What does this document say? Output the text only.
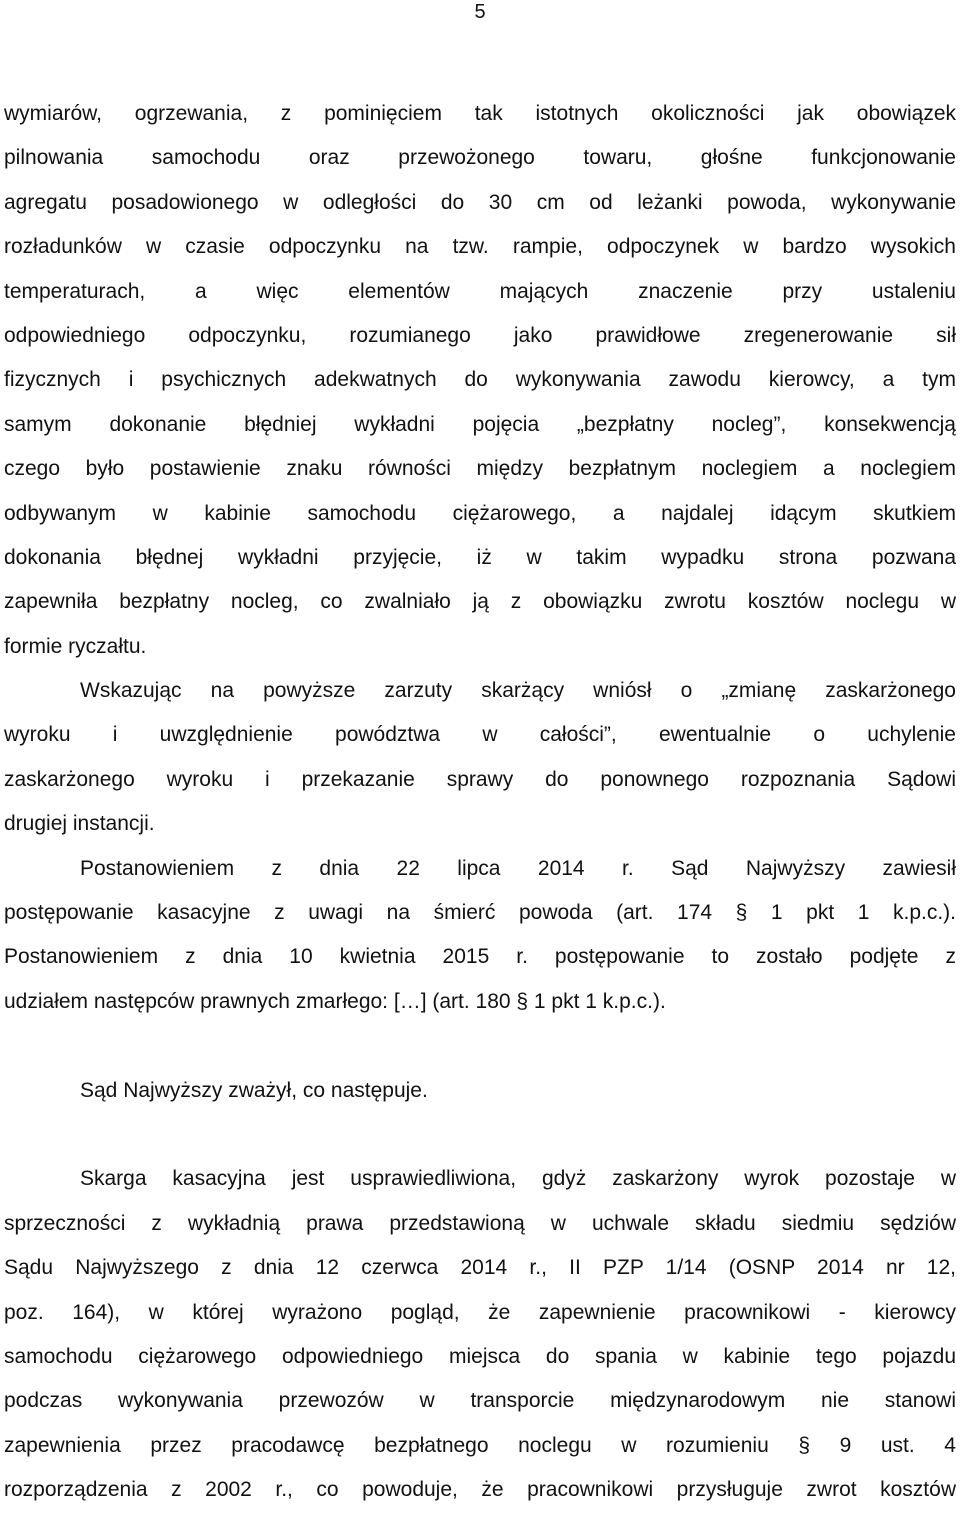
5
wymiarów, ogrzewania, z pominięciem tak istotnych okoliczności jak obowiązek
pilnowania samochodu oraz przewożonego towaru, głośne funkcjonowanie
agregatu posadowionego w odległości do 30 cm od leżanki powoda, wykonywanie
rozładunków w czasie odpoczynku na tzw. rampie, odpoczynek w bardzo wysokich
temperaturach, a więc elementów mających znaczenie przy ustaleniu
odpowiedniego odpoczynku, rozumianego jako prawidłowe zregenerowanie sił
fizycznych i psychicznych adekwatnych do wykonywania zawodu kierowcy, a tym
samym dokonanie błędniej wykładni pojęcia „bezpłatny nocleg”, konsekwencją
czego było postawienie znaku równości między bezpłatnym noclegiem a noclegiem
odbywanym w kabinie samochodu ciężarowego, a najdalej idącym skutkiem
dokonania błędnej wykładni przyjęcie, iż w takim wypadku strona pozwana
zapewniła bezpłatny nocleg, co zwalniało ją z obowiązku zwrotu kosztów noclegu w
formie ryczałtu.
Wskazując na powyższe zarzuty skarżący wniósł o „zmianę zaskarżonego
wyroku i uwzględnienie powództwa w całości”, ewentualnie o uchylenie
zaskarżonego wyroku i przekazanie sprawy do ponownego rozpoznania Sądowi
drugiej instancji.
Postanowieniem z dnia 22 lipca 2014 r. Sąd Najwyższy zawiesił
postępowanie kasacyjne z uwagi na śmierć powoda (art. 174 § 1 pkt 1 k.p.c.).
Postanowieniem z dnia 10 kwietnia 2015 r. postępowanie to zostało podjęte z
udziałem następców prawnych zmarłego: […] (art. 180 § 1 pkt 1 k.p.c.).
Sąd Najwyższy zważył, co następuje.
Skarga kasacyjna jest usprawiedliwiona, gdyż zaskarżony wyrok pozostaje w
sprzeczności z wykładnią prawa przedstawioną w uchwale składu siedmiu sędziów
Sądu Najwyższego z dnia 12 czerwca 2014 r., II PZP 1/14 (OSNP 2014 nr 12,
poz. 164), w której wyrażono pogląd, że zapewnienie pracownikowi - kierowcy
samochodu ciężarowego odpowiedniego miejsca do spania w kabinie tego pojazdu
podczas wykonywania przewozów w transporcie międzynarodowym nie stanowi
zapewnienia przez pracodawcę bezpłatnego noclegu w rozumieniu § 9 ust. 4
rozporządzenia z 2002 r., co powoduje, że pracownikowi przysługuje zwrot kosztów
